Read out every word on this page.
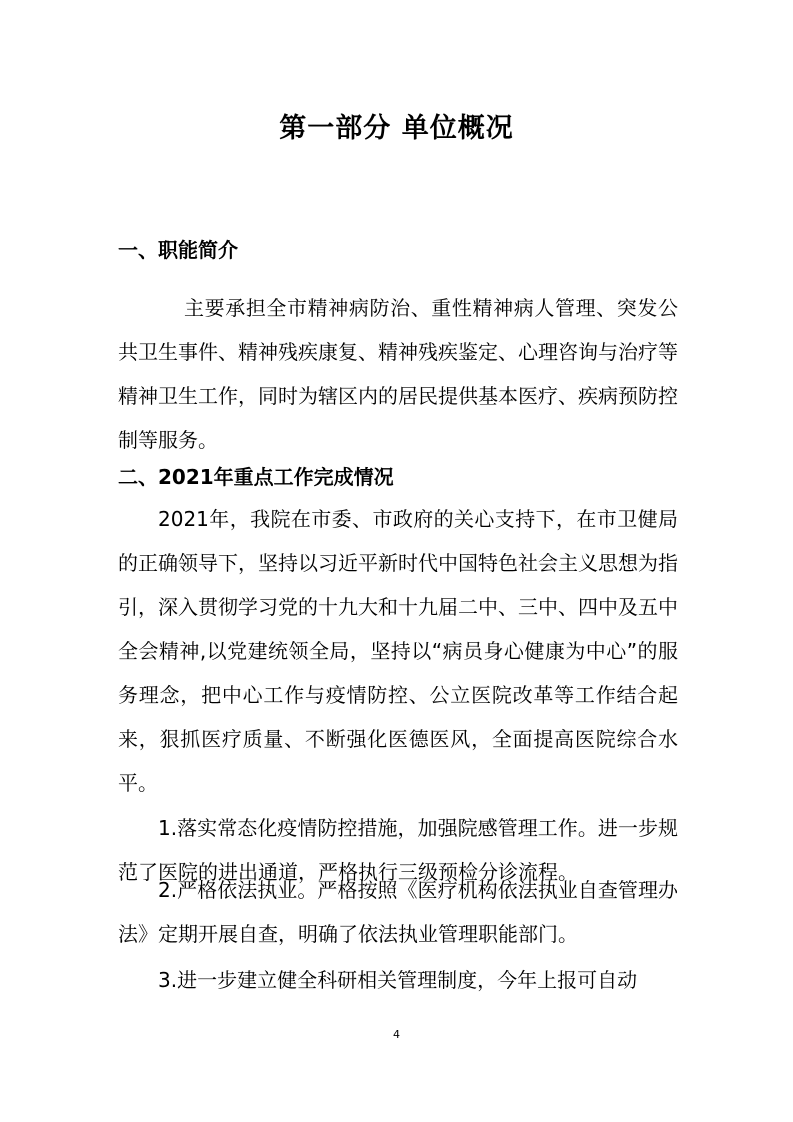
第一部分 单位概况
一、职能简介

主要承担全市精神病防治、重性精神病人管理、突发公共卫生事件、精神残疾康复、精神残疾鉴定、心理咨询与治疗等精神卫生工作，同时为辖区内的居民提供基本医疗、疾病预防控制等服务。

二、2021年重点工作完成情况

2021年，我院在市委、市政府的关心支持下，在市卫健局的正确领导下，坚持以习近平新时代中国特色社会主义思想为指引，深入贯彻学习党的十九大和十九届二中、三中、四中及五中全会精神,以党建统领全局，坚持以“病员身心健康为中心”的服务理念，把中心工作与疫情防控、公立医院改革等工作结合起来，狠抓医疗质量、不断强化医德医风，全面提高医院综合水平。

1.落实常态化疫情防控措施，加强院感管理工作。进一步规范了医院的进出通道，严格执行三级预检分诊流程。

2.严格依法执业。严格按照《医疗机构依法执业自查管理办法》定期开展自查，明确了依法执业管理职能部门。

3.进一步建立健全科研相关管理制度，今年上报可自动

4
